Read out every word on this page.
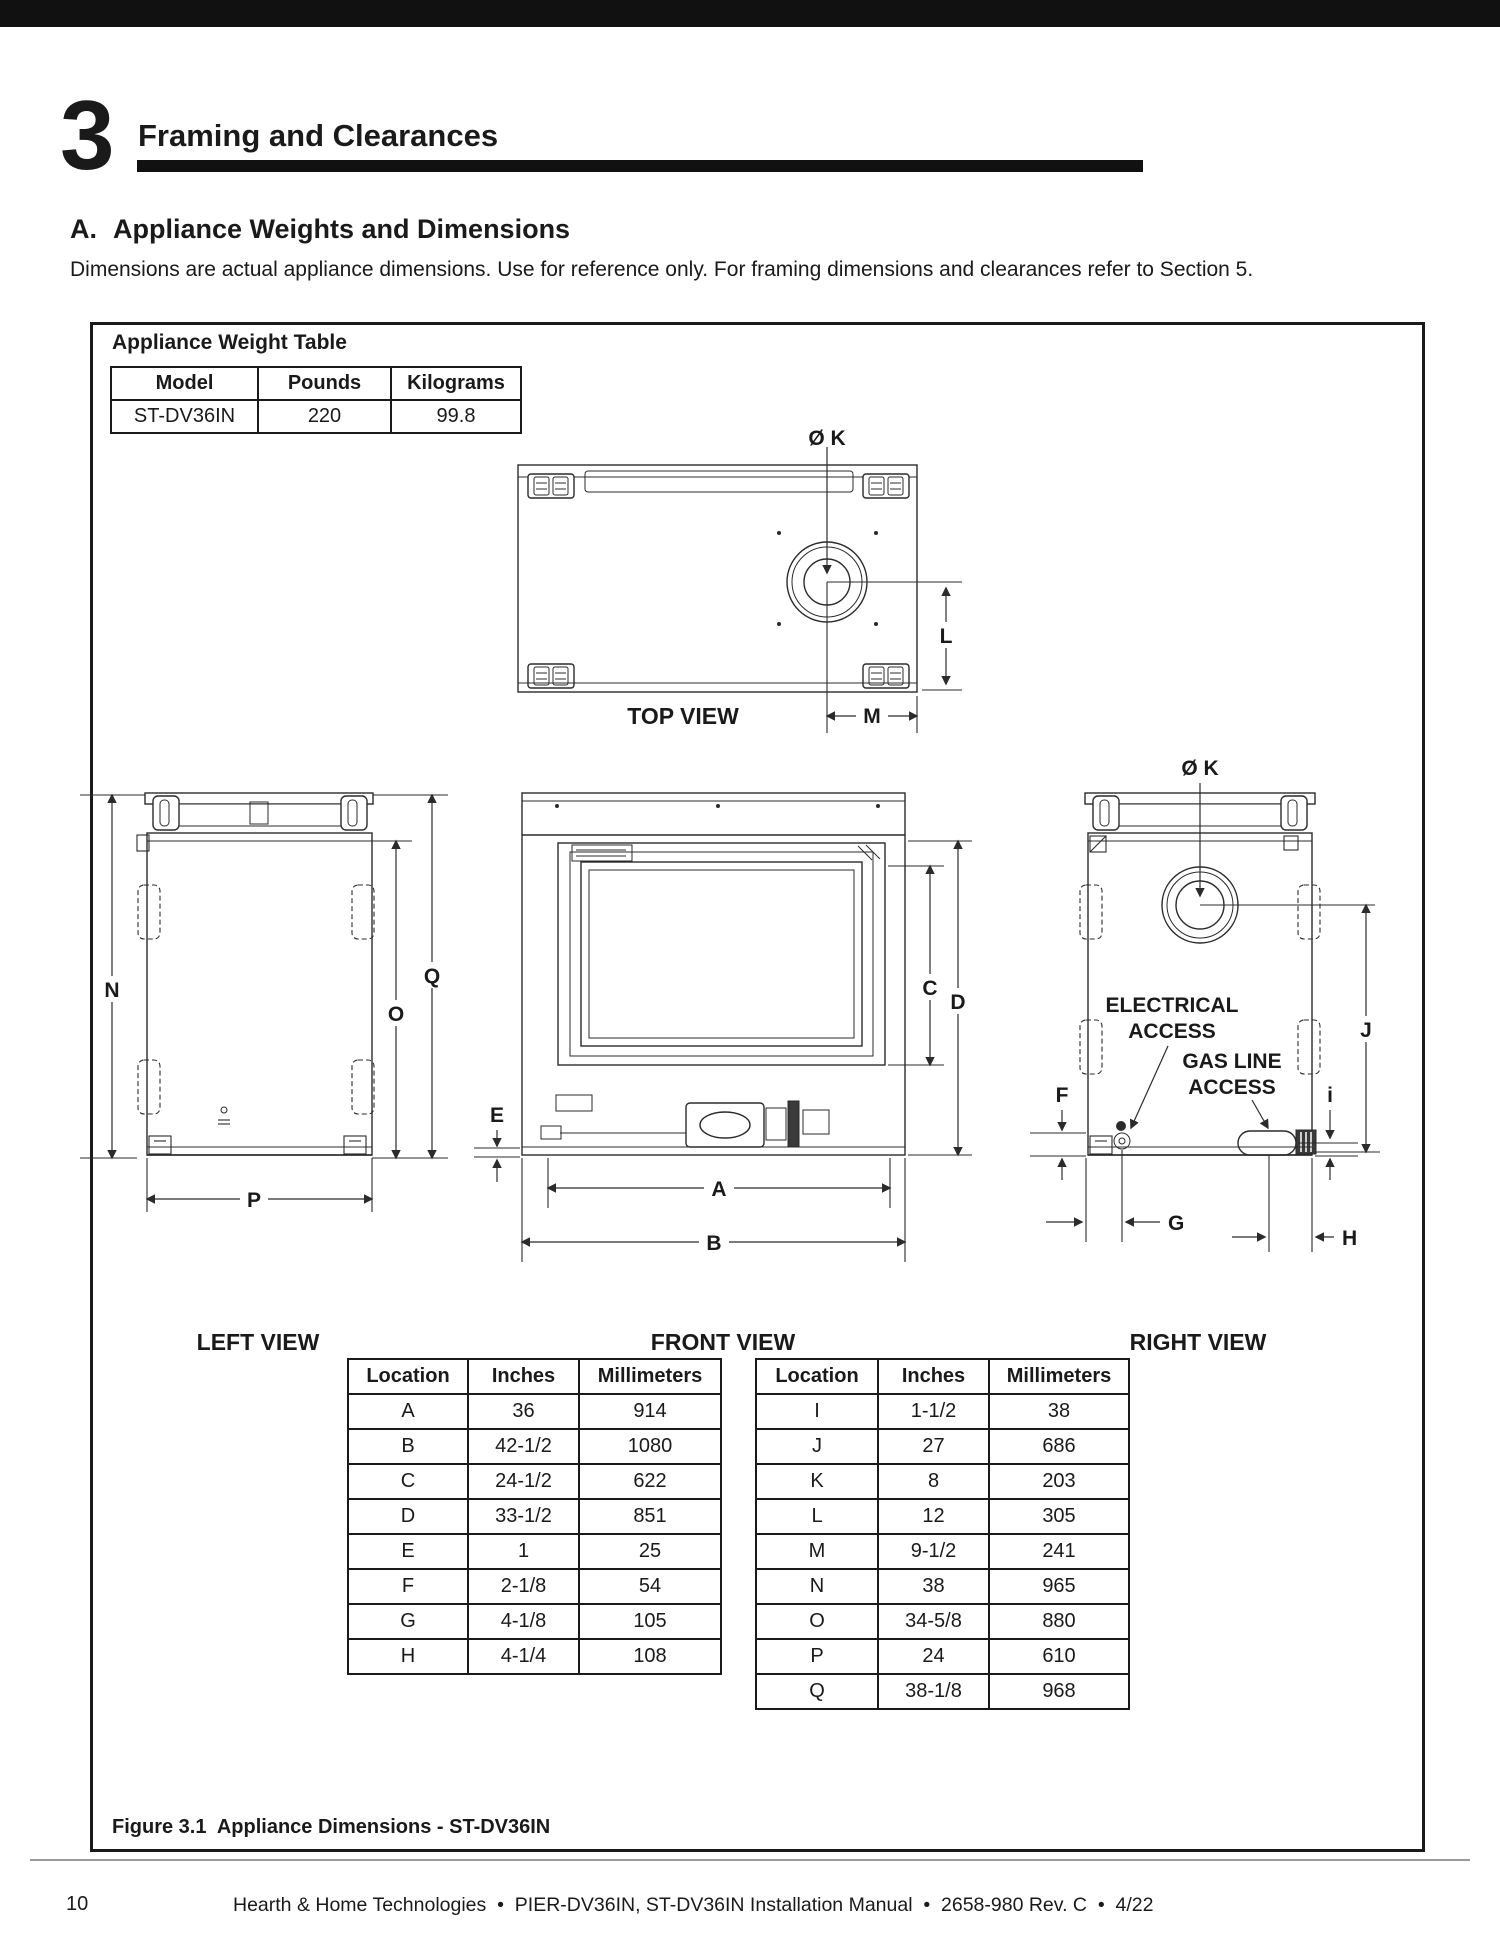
3 Framing and Clearances
A. Appliance Weights and Dimensions
Dimensions are actual appliance dimensions. Use for reference only. For framing dimensions and clearances refer to Section 5.
Appliance Weight Table
Model	Pounds	Kilograms
ST-DV36IN	220	99.8
Ø K
L
M
TOP VIEW
N
O
Q
P
LEFT VIEW
E
A
B
C
D
FRONT VIEW
Ø K
ELECTRICAL
ACCESS
GAS LINE
ACCESS
F	i
J
G
H
RIGHT VIEW
Location	Inches	Millimeters
A	36	914
B	42-1/2	1080
C	24-1/2	622
D	33-1/2	851
E	1	25
F	2-1/8	54
G	4-1/8	105
H	4-1/4	108
Location	Inches	Millimeters
I	1-1/2	38
J	27	686
K	8	203
L	12	305
M	9-1/2	241
N	38	965
O	34-5/8	880
P	24	610
Q	38-1/8	968
Figure 3.1  Appliance Dimensions - ST-DV36IN
10	Hearth & Home Technologies  •  PIER-DV36IN, ST-DV36IN Installation Manual  •  2658-980 Rev. C  •  4/22
